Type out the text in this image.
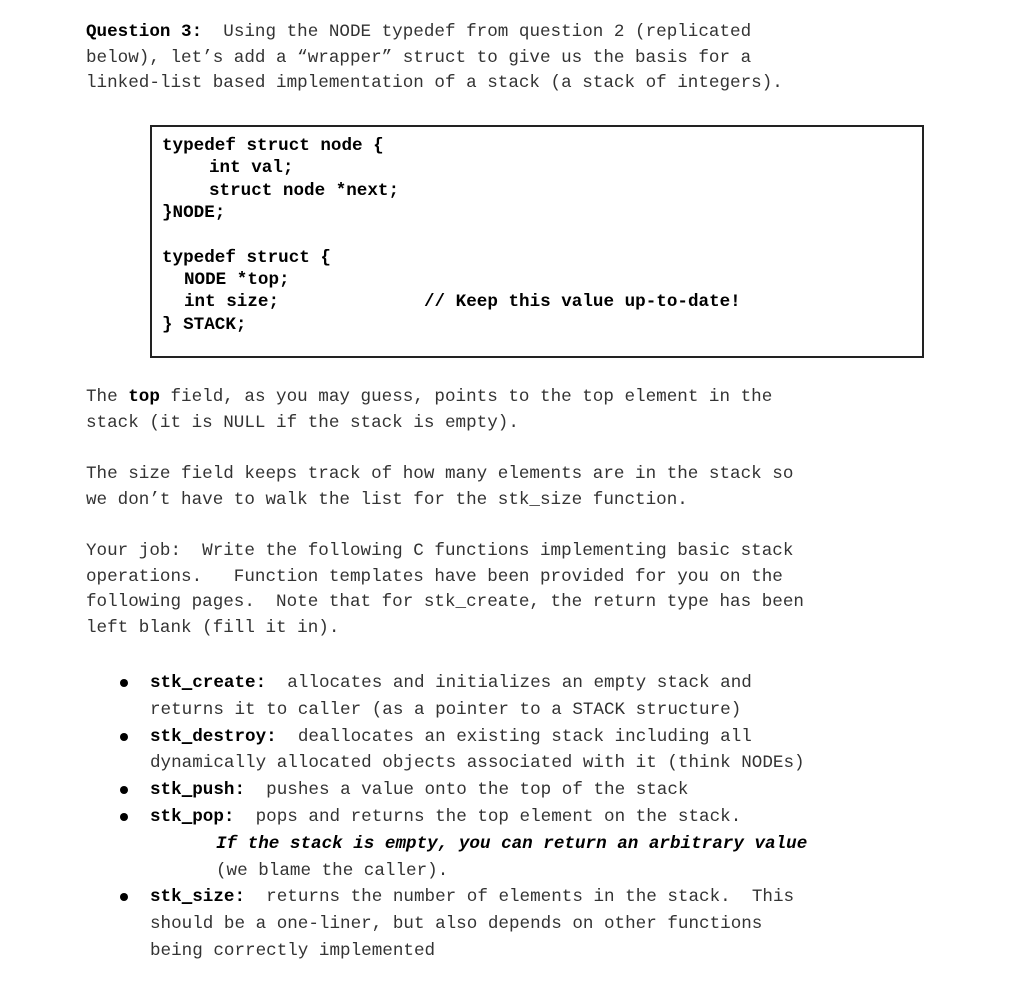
Question 3:  Using the NODE typedef from question 2 (replicated
below), let’s add a “wrapper” struct to give us the basis for a
linked-list based implementation of a stack (a stack of integers).
typedef struct node {
int val;
struct node *next;
}NODE;
typedef struct {
NODE *top;
int size;	// Keep this value up-to-date!
} STACK;
The top field, as you may guess, points to the top element in the
stack (it is NULL if the stack is empty).
The size field keeps track of how many elements are in the stack so
we don’t have to walk the list for the stk_size function.
Your job:  Write the following C functions implementing basic stack
operations.   Function templates have been provided for you on the
following pages.  Note that for stk_create, the return type has been
left blank (fill it in).
stk_create:  allocates and initializes an empty stack and
returns it to caller (as a pointer to a STACK structure)
stk_destroy:  deallocates an existing stack including all
dynamically allocated objects associated with it (think NODEs)
stk_push:  pushes a value onto the top of the stack
stk_pop:  pops and returns the top element on the stack.
If the stack is empty, you can return an arbitrary value
(we blame the caller).
stk_size:  returns the number of elements in the stack.  This
should be a one-liner, but also depends on other functions
being correctly implemented
